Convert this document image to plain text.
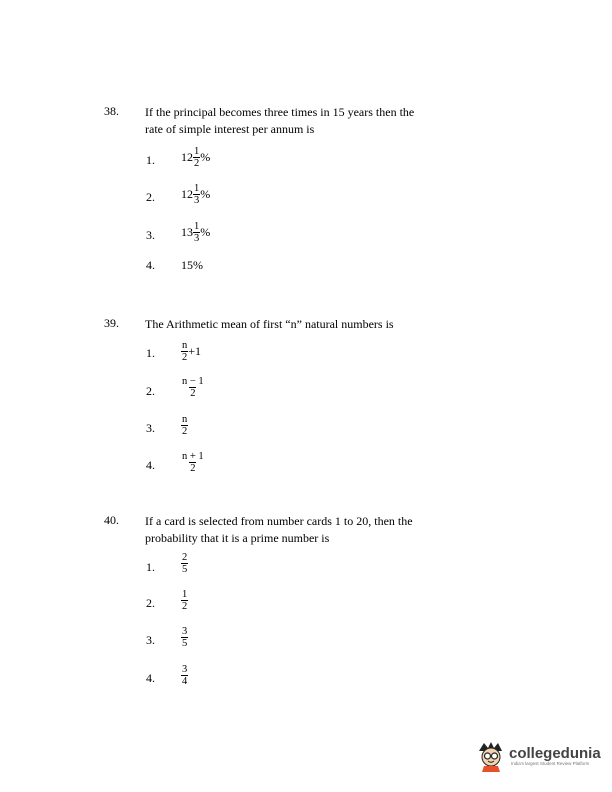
38. If the principal becomes three times in 15 years then the
rate of simple interest per annum is
1. $12 \frac{1}{2}$ %
2. $12 \frac{1}{3}$ %
3. $13 \frac{1}{3}$ %
4. 15%
39. The Arithmetic mean of first “n” natural numbers is
1. $\frac{n}{2} +1$
2. $\frac{n - 1}{2}$
3. $\frac{n}{2}$
4. $\frac{n + 1}{2}$
40. If a card is selected from number cards 1 to 20, then the
probability that it is a prime number is
1. $\frac{2}{5}$
2. $\frac{1}{2}$
3. $\frac{3}{5}$
4. $\frac{3}{4}$
collegedunia
India's largest Student Review Platform
